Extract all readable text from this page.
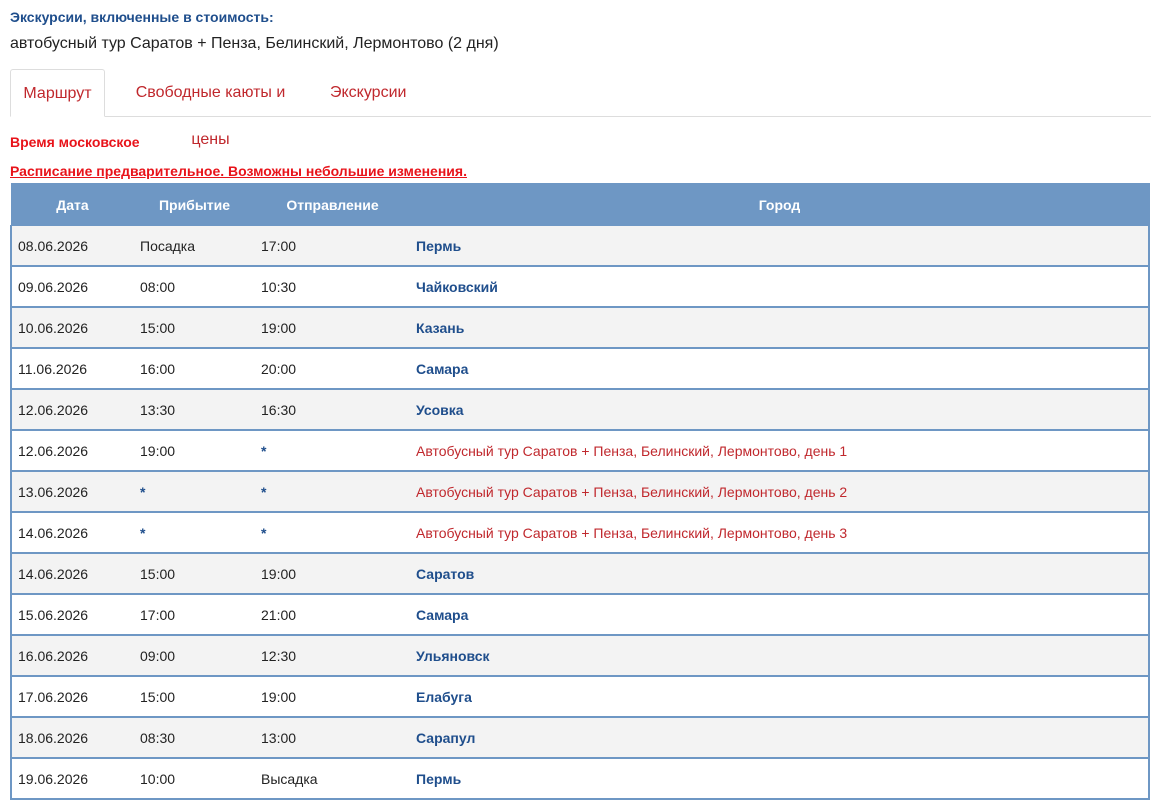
Экскурсии, включенные в стоимость:
автобусный тур Саратов + Пенза, Белинский, Лермонтово (2 дня)
Маршрут	Свободные каюты и цены
Экскурсии
Время московское
Расписание предварительное. Возможны небольшие изменения.
Дата	Прибытие	Отправление	Город
08.06.2026	Посадка	17:00	Пермь
09.06.2026	08:00	10:30	Чайковский
10.06.2026	15:00	19:00	Казань
11.06.2026	16:00	20:00	Самара
12.06.2026	13:30	16:30	Усовка
12.06.2026	19:00	*	Автобусный тур Саратов + Пенза, Белинский, Лермонтово, день 1
13.06.2026	*	*	Автобусный тур Саратов + Пенза, Белинский, Лермонтово, день 2
14.06.2026	*	*	Автобусный тур Саратов + Пенза, Белинский, Лермонтово, день 3
14.06.2026	15:00	19:00	Саратов
15.06.2026	17:00	21:00	Самара
16.06.2026	09:00	12:30	Ульяновск
17.06.2026	15:00	19:00	Елабуга
18.06.2026	08:30	13:00	Сарапул
19.06.2026	10:00	Высадка	Пермь
